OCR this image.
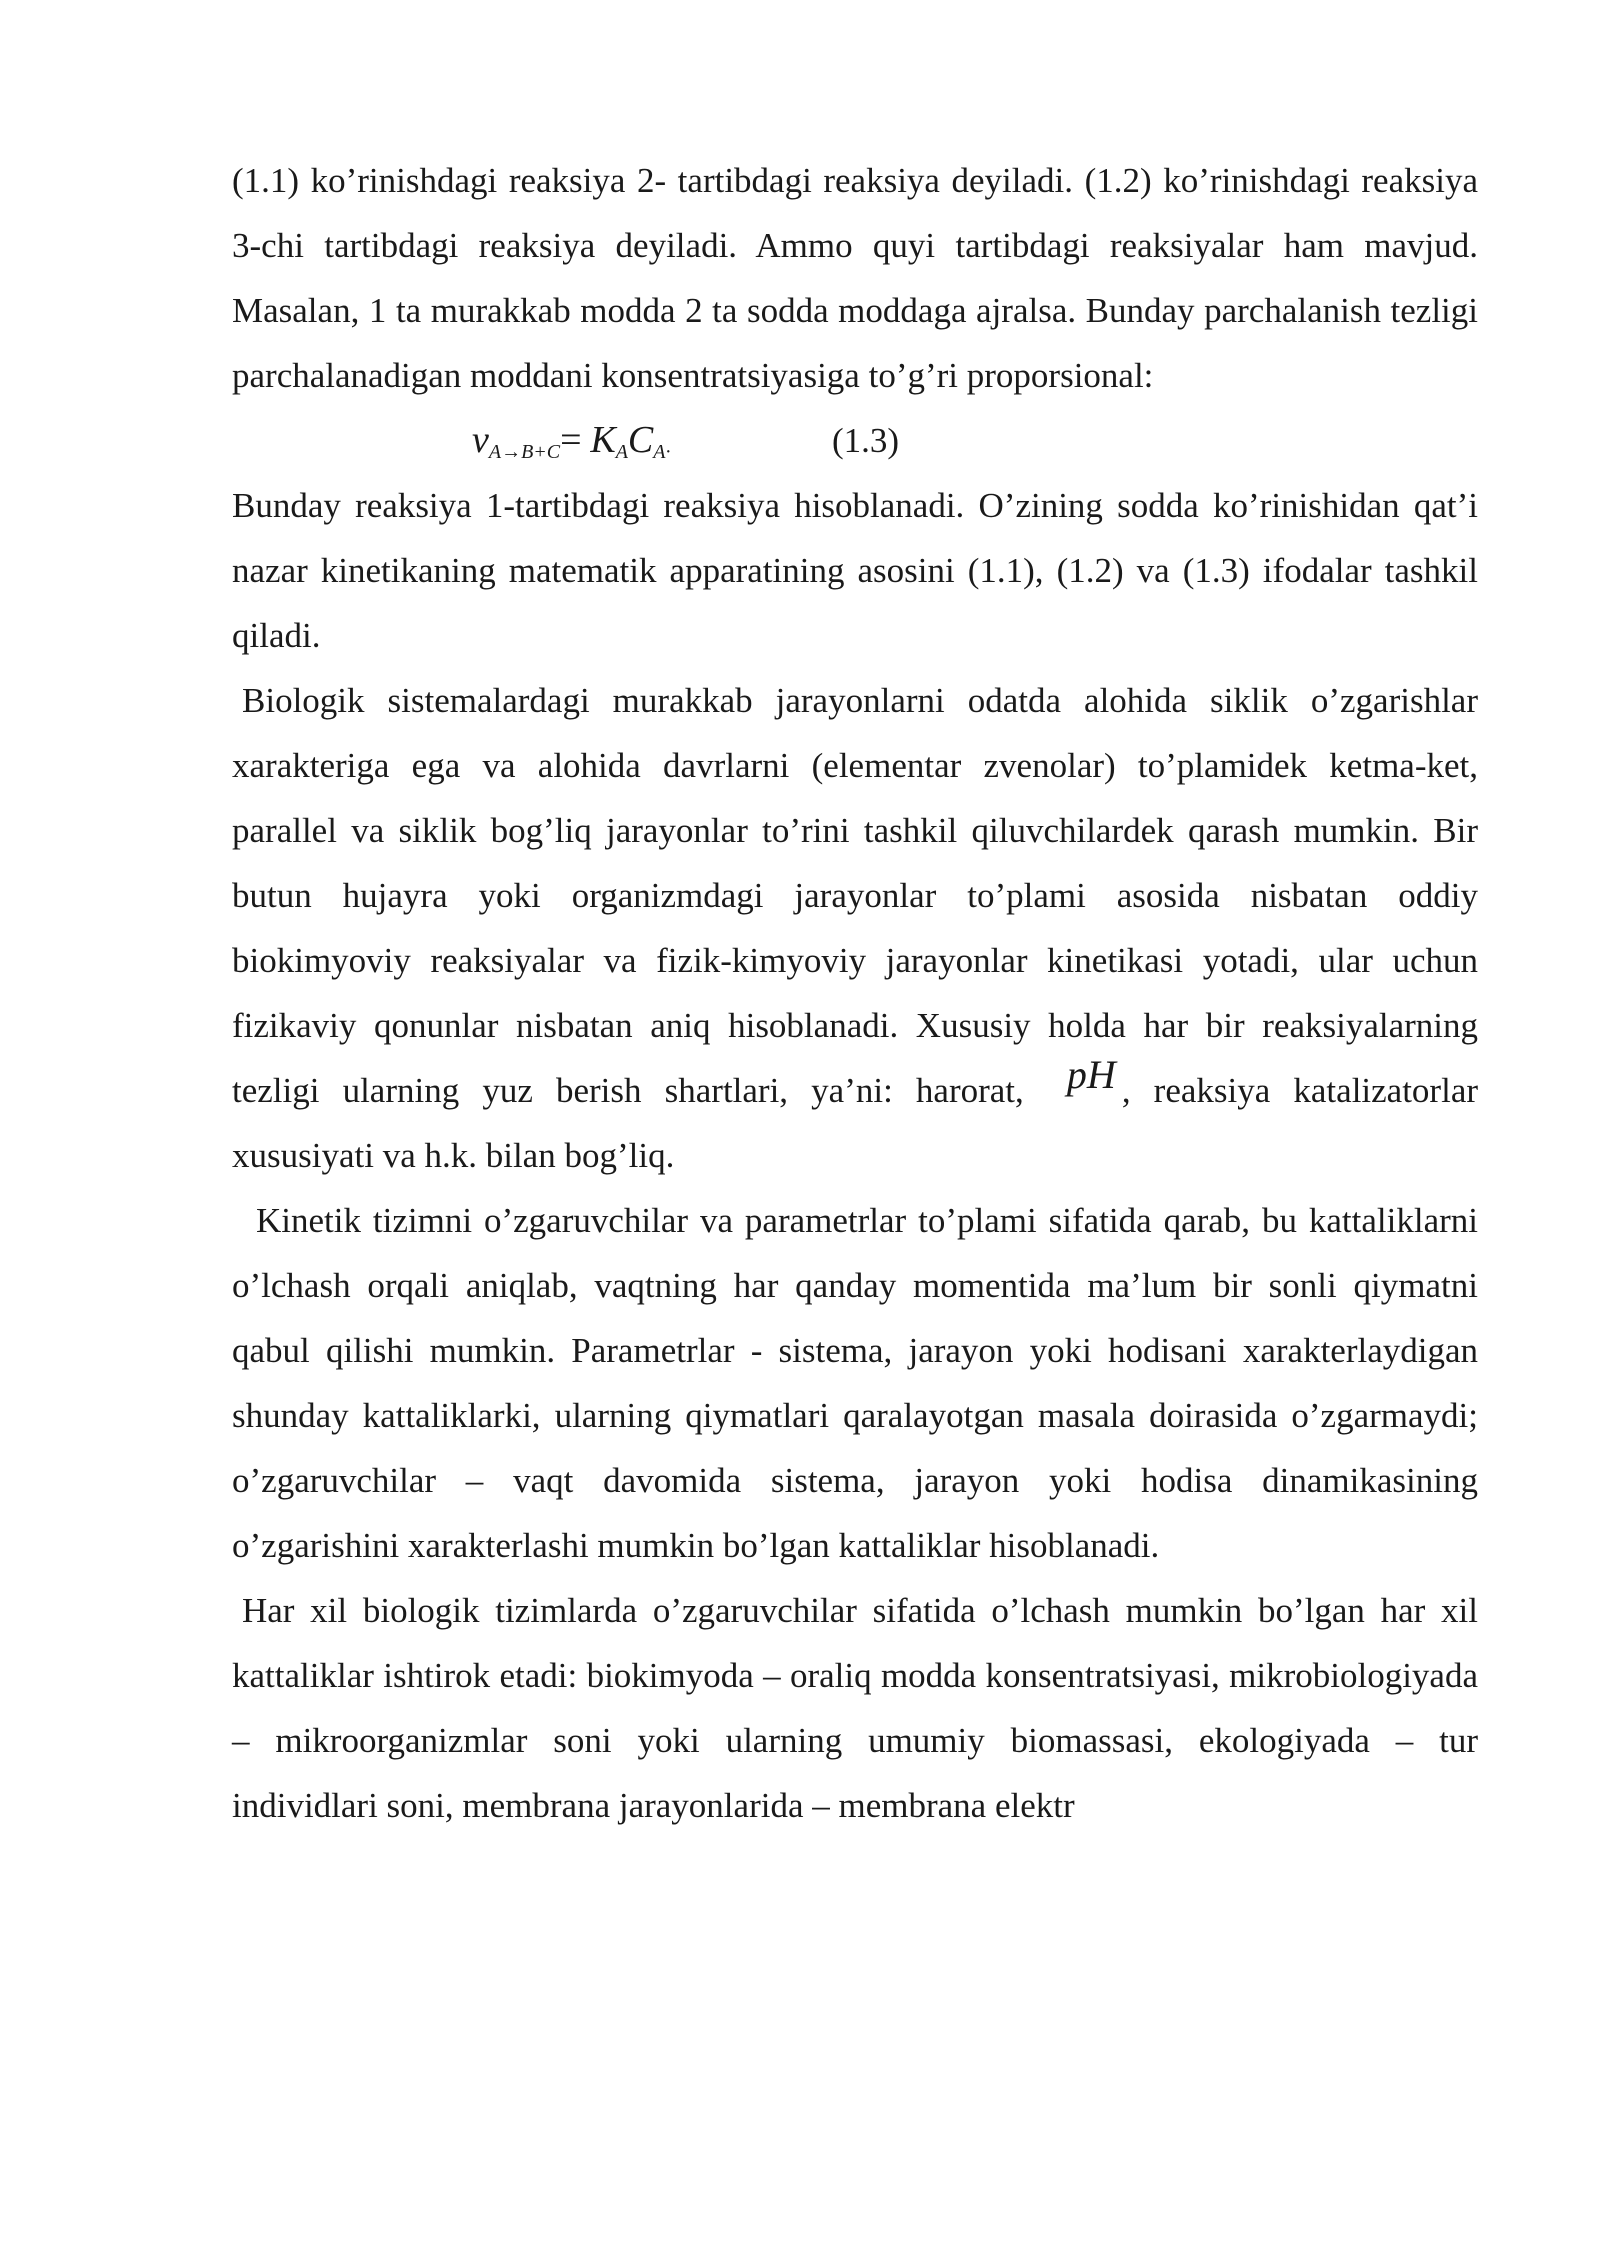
(1.1) ko’rinishdagi reaksiya 2- tartibdagi reaksiya deyiladi. (1.2) ko’rinishdagi reaksiya 3-chi tartibdagi reaksiya deyiladi. Ammo quyi tartibdagi reaksiyalar ham mavjud. Masalan, 1 ta murakkab modda 2 ta sodda moddaga ajralsa. Bunday parchalanish tezligi parchalanadigan moddani konsentratsiyasiga to’g’ri proporsional:

$v_{A\to B+C}= K_AC_{A\cdot}$	(1.3)

Bunday reaksiya 1-tartibdagi reaksiya hisoblanadi. O’zining sodda ko’rinishidan qat’i nazar kinetikaning matematik apparatining asosini (1.1), (1.2) va (1.3) ifodalar tashkil qiladi.

Biologik sistemalardagi murakkab jarayonlarni odatda alohida siklik o’zgarishlar xarakteriga ega va alohida davrlarni (elementar zvenolar) to’plamidek ketma-ket, parallel va siklik bog’liq jarayonlar to’rini tashkil qiluvchilardek qarash mumkin. Bir butun hujayra yoki organizmdagi jarayonlar to’plami asosida nisbatan oddiy biokimyoviy reaksiyalar va fizik-kimyoviy jarayonlar kinetikasi yotadi, ular uchun fizikaviy qonunlar nisbatan aniq hisoblanadi. Xususiy holda har bir reaksiyalarning tezligi ularning yuz berish shartlari, ya’ni: harorat, pH , reaksiya katalizatorlar xususiyati va h.k. bilan bog’liq.

Kinetik tizimni o’zgaruvchilar va parametrlar to’plami sifatida qarab, bu kattaliklarni o’lchash orqali aniqlab, vaqtning har qanday momentida ma’lum bir sonli qiymatni qabul qilishi mumkin. Parametrlar - sistema, jarayon yoki hodisani xarakterlaydigan shunday kattaliklarki, ularning qiymatlari qaralayotgan masala doirasida o’zgarmaydi; o’zgaruvchilar – vaqt davomida sistema, jarayon yoki hodisa dinamikasining o’zgarishini xarakterlashi mumkin bo’lgan kattaliklar hisoblanadi.

Har xil biologik tizimlarda o’zgaruvchilar sifatida o’lchash mumkin bo’lgan har xil kattaliklar ishtirok etadi: biokimyoda – oraliq modda konsentratsiyasi, mikrobiologiyada – mikroorganizmlar soni yoki ularning umumiy biomassasi, ekologiyada – tur individlari soni, membrana jarayonlarida – membrana elektr
